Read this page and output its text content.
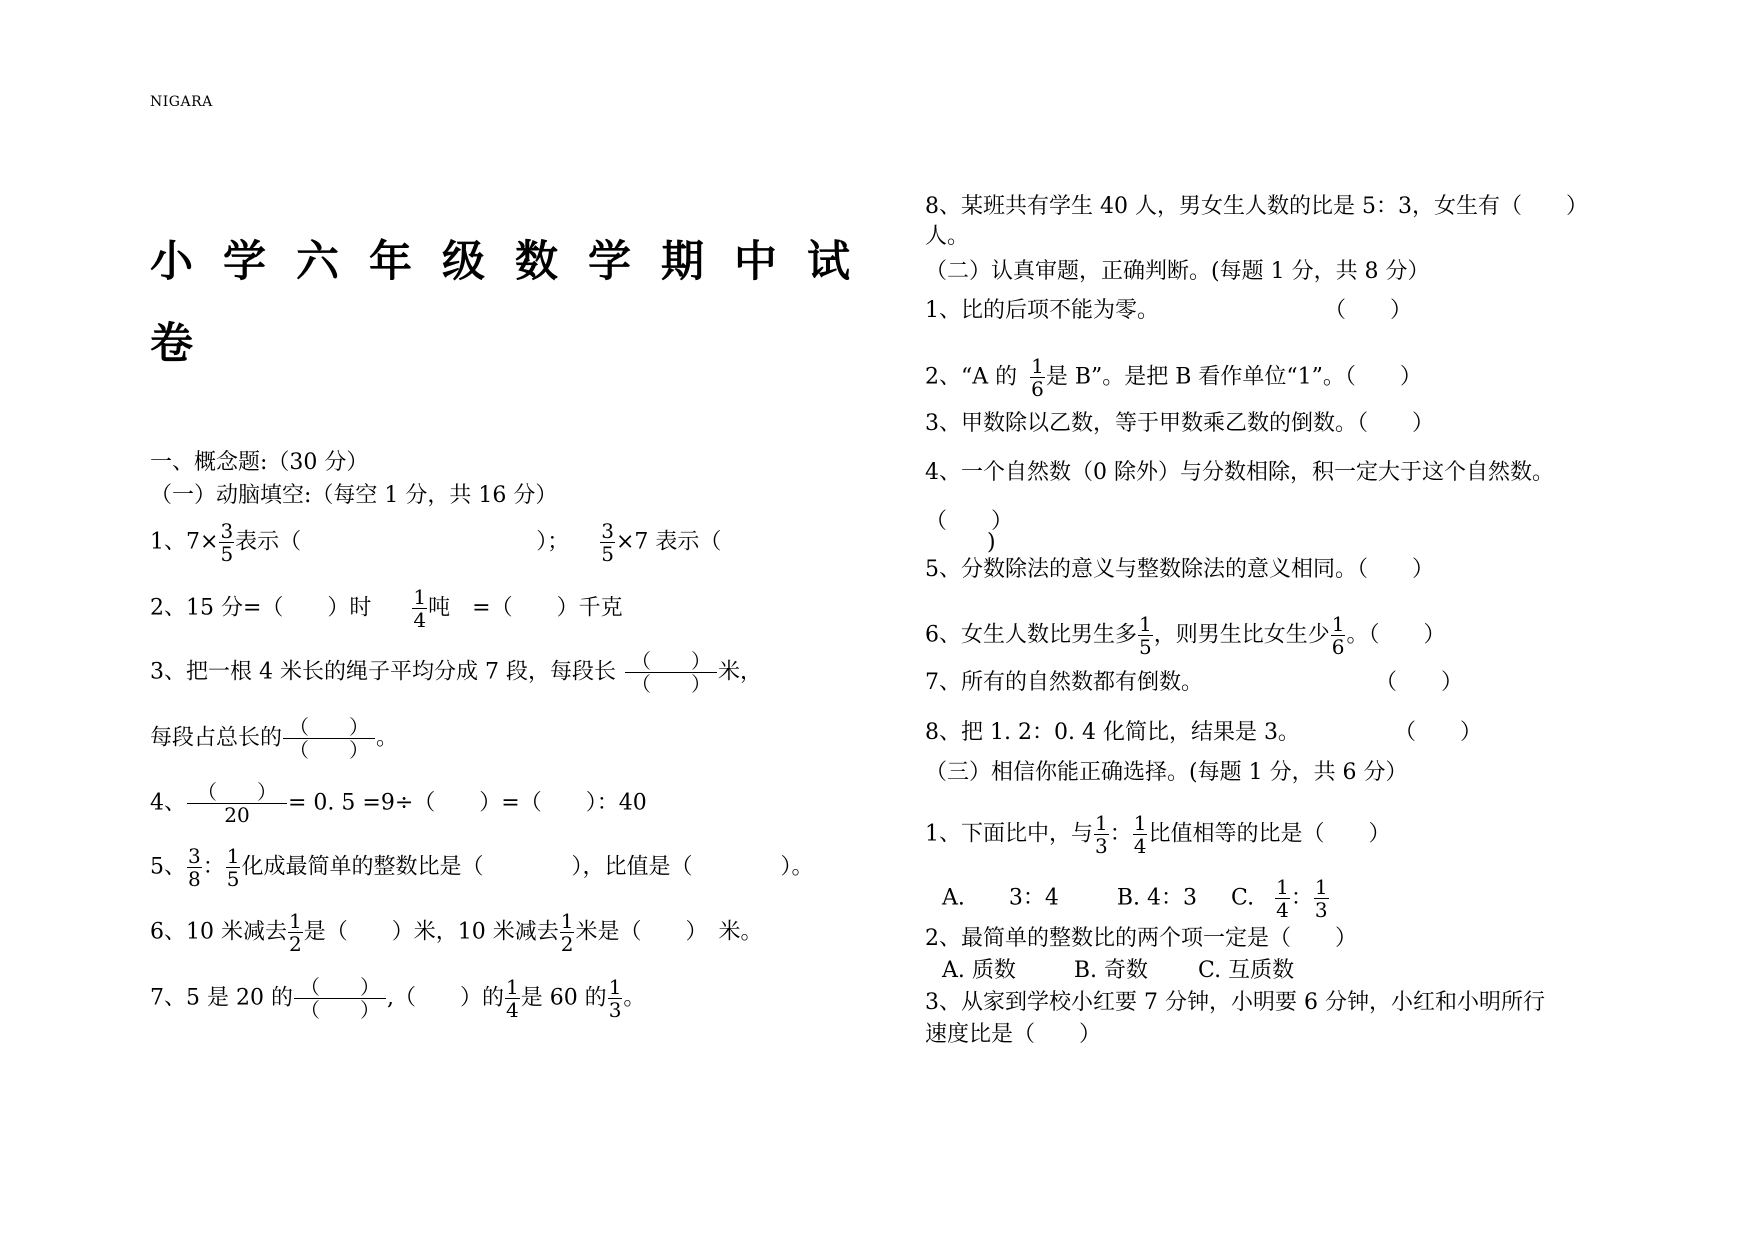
NIGARA
小学六年级数学期中试
卷
一、概念题:（30 分）
（一）动脑填空:（每空 1 分，共 16 分）
1、$7\times \frac{3}{5}$ 表示（	）； $\frac{3}{5} \times 7$ 表示（
2、15 分=（　　）时 $\frac{1}{4}$ 吨　=（　　）千克
3、把一根 4 米长的绳子平均分成 7 段，每段长 $\frac{( )}{( )}$ 米，
每段占总长的 $\frac{( )}{( )}$ 。
4、 $\frac{( )}{20} = 0$. 5 =9÷（　　）=（　　）：40
5、 $\frac{3}{8}$ ： $\frac{1}{5}$ 化成最简单的整数比是（　　　　），比值是（　　　　）。
6、10 米减去 $\frac{1}{2}$ 是（　　）米，10 米减去 $\frac{1}{2}$ 米是（　　）　米。
7、5 是 20 的 $\frac{( )}{( )}$ ,（　　）的 $\frac{1}{4}$ 是 60 的 $\frac{1}{3}$ 。
8、某班共有学生 40 人，男女生人数的比是 5：3，女生有（　　）
人。
（二）认真审题，正确判断。(每题 1 分，共 8 分）
1、比的后项不能为零。	（　　）
2、“A 的 $\frac{1}{6}$ 是 B”。是把 B 看作单位“1”。（　　）
3、甲数除以乙数，等于甲数乘乙数的倒数。（　　）
4、一个自然数（0 除外）与分数相除，积一定大于这个自然数。
（　　）
)
5、分数除法的意义与整数除法的意义相同。（　　）
6、女生人数比男生多 $\frac{1}{5}$ ，则男生比女生少 $\frac{1}{6}$ 。（　　）
7、所有的自然数都有倒数。	（　　）
8、把 1. 2：0. 4 化简比，结果是 3。	（　　）
（三）相信你能正确选择。(每题 1 分，共 6 分）
1、下面比中，与 $\frac{1}{3}$ ： $\frac{1}{4}$ 比值相等的比是（　　）
A.　　3：4	B. 4：3 C. $\frac{1}{4}$ ： $\frac{1}{3}$
2、最简单的整数比的两个项一定是（　　）
A. 质数	B. 奇数 C. 互质数
3、从家到学校小红要 7 分钟，小明要 6 分钟，小红和小明所行
速度比是（　　）
